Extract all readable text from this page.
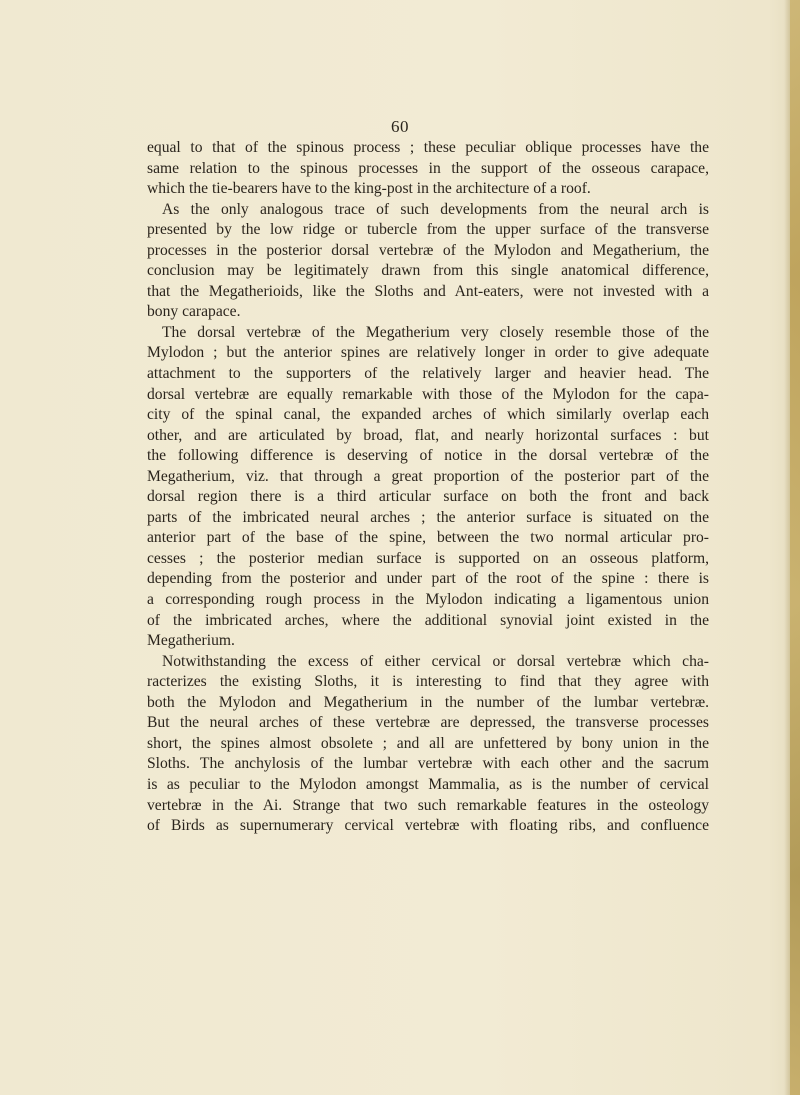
60
equal to that of the spinous process ; these peculiar oblique processes have the
same relation to the spinous processes in the support of the osseous carapace,
which the tie-bearers have to the king-post in the architecture of a roof.
As the only analogous trace of such developments from the neural arch is
presented by the low ridge or tubercle from the upper surface of the transverse
processes in the posterior dorsal vertebræ of the Mylodon and Megatherium, the
conclusion may be legitimately drawn from this single anatomical difference,
that the Megatherioids, like the Sloths and Ant-eaters, were not invested with a
bony carapace.
The dorsal vertebræ of the Megatherium very closely resemble those of the
Mylodon ; but the anterior spines are relatively longer in order to give adequate
attachment to the supporters of the relatively larger and heavier head. The
dorsal vertebræ are equally remarkable with those of the Mylodon for the capa-
city of the spinal canal, the expanded arches of which similarly overlap each
other, and are articulated by broad, flat, and nearly horizontal surfaces : but
the following difference is deserving of notice in the dorsal vertebræ of the
Megatherium, viz. that through a great proportion of the posterior part of the
dorsal region there is a third articular surface on both the front and back
parts of the imbricated neural arches ; the anterior surface is situated on the
anterior part of the base of the spine, between the two normal articular pro-
cesses ; the posterior median surface is supported on an osseous platform,
depending from the posterior and under part of the root of the spine : there is
a corresponding rough process in the Mylodon indicating a ligamentous union
of the imbricated arches, where the additional synovial joint existed in the
Megatherium.
Notwithstanding the excess of either cervical or dorsal vertebræ which cha-
racterizes the existing Sloths, it is interesting to find that they agree with
both the Mylodon and Megatherium in the number of the lumbar vertebræ.
But the neural arches of these vertebræ are depressed, the transverse processes
short, the spines almost obsolete ; and all are unfettered by bony union in the
Sloths. The anchylosis of the lumbar vertebræ with each other and the sacrum
is as peculiar to the Mylodon amongst Mammalia, as is the number of cervical
vertebræ in the Ai. Strange that two such remarkable features in the osteology
of Birds as supernumerary cervical vertebræ with floating ribs, and confluence
